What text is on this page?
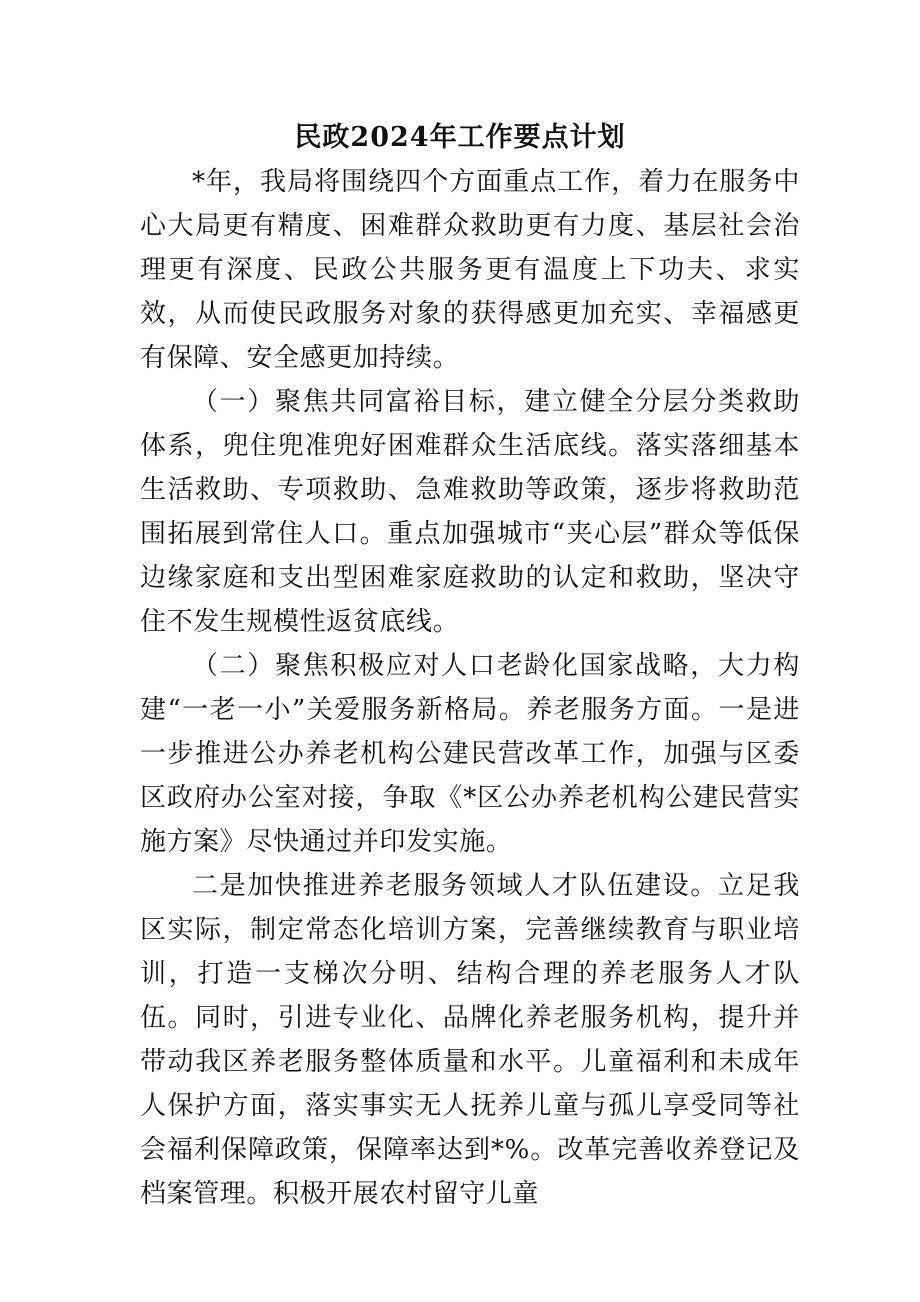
民政2024年工作要点计划

*年，我局将围绕四个方面重点工作，着力在服务中心大局更有精度、困难群众救助更有力度、基层社会治理更有深度、民政公共服务更有温度上下功夫、求实效，从而使民政服务对象的获得感更加充实、幸福感更有保障、安全感更加持续。

（一）聚焦共同富裕目标，建立健全分层分类救助体系，兜住兜准兜好困难群众生活底线。落实落细基本生活救助、专项救助、急难救助等政策，逐步将救助范围拓展到常住人口。重点加强城市“夹心层”群众等低保边缘家庭和支出型困难家庭救助的认定和救助，坚决守住不发生规模性返贫底线。

（二）聚焦积极应对人口老龄化国家战略，大力构建“一老一小”关爱服务新格局。养老服务方面。一是进一步推进公办养老机构公建民营改革工作，加强与区委区政府办公室对接，争取《*区公办养老机构公建民营实施方案》尽快通过并印发实施。

二是加快推进养老服务领域人才队伍建设。立足我区实际，制定常态化培训方案，完善继续教育与职业培训，打造一支梯次分明、结构合理的养老服务人才队伍。同时，引进专业化、品牌化养老服务机构，提升并带动我区养老服务整体质量和水平。儿童福利和未成年人保护方面，落实事实无人抚养儿童与孤儿享受同等社会福利保障政策，保障率达到*%。改革完善收养登记及档案管理。积极开展农村留守儿童
